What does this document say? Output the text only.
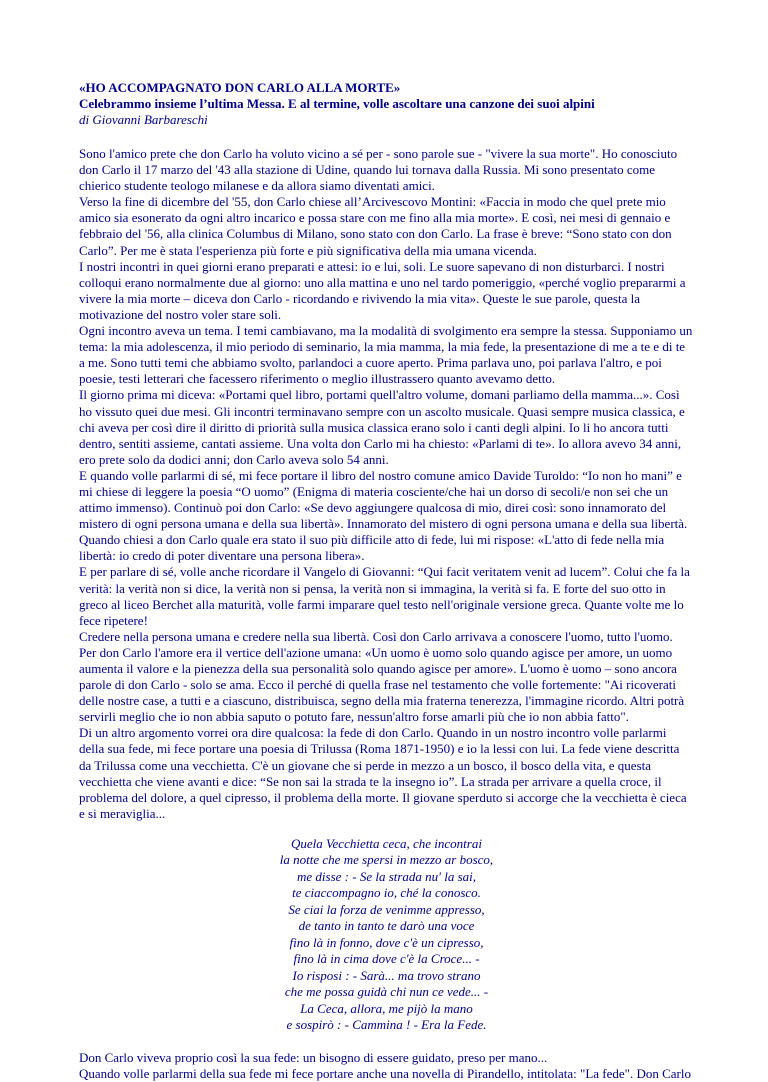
«HO ACCOMPAGNATO DON CARLO ALLA MORTE»

Celebrammo insieme l’ultima Messa. E al termine, volle ascoltare una canzone dei suoi alpini

di Giovanni Barbareschi

Sono l'amico prete che don Carlo ha voluto vicino a sé per - sono parole sue - "vivere la sua morte". Ho conosciuto don Carlo il 17 marzo del '43 alla stazione di Udine, quando lui tornava dalla Russia. Mi sono presentato come chierico studente teologo milanese e da allora siamo diventati amici.

Verso la fine di dicembre del '55, don Carlo chiese all’Arcivescovo Montini: «Faccia in modo che quel prete mio amico sia esonerato da ogni altro incarico e possa stare con me fino alla mia morte». E così, nei mesi di gennaio e febbraio del '56, alla clinica Columbus di Milano, sono stato con don Carlo. La frase è breve: “Sono stato con don Carlo”. Per me è stata l'esperienza più forte e più significativa della mia umana vicenda.

I nostri incontri in quei giorni erano preparati e attesi: io e lui, soli. Le suore sapevano di non disturbarci. I nostri colloqui erano normalmente due al giorno: uno alla mattina e uno nel tardo pomeriggio, «perché voglio prepararmi a vivere la mia morte – diceva don Carlo - ricordando e rivivendo la mia vita». Queste le sue parole, questa la motivazione del nostro voler stare soli.

Ogni incontro aveva un tema. I temi cambiavano, ma la modalità di svolgimento era sempre la stessa. Supponiamo un tema: la mia adolescenza, il mio periodo di seminario, la mia mamma, la mia fede, la presentazione di me a te e di te a me. Sono tutti temi che abbiamo svolto, parlandoci a cuore aperto. Prima parlava uno, poi parlava l'altro, e poi poesie, testi letterari che facessero riferimento o meglio illustrassero quanto avevamo detto.

Il giorno prima mi diceva: «Portami quel libro, portami quell'altro volume, domani parliamo della mamma...». Così ho vissuto quei due mesi. Gli incontri terminavano sempre con un ascolto musicale. Quasi sempre musica classica, e chi aveva per così dire il diritto di priorità sulla musica classica erano solo i canti degli alpini. Io li ho ancora tutti dentro, sentiti assieme, cantati assieme. Una volta don Carlo mi ha chiesto: «Parlami di te». Io allora avevo 34 anni, ero prete solo da dodici anni; don Carlo aveva solo 54 anni.

E quando volle parlarmi di sé, mi fece portare il libro del nostro comune amico Davide Turoldo: “Io non ho mani” e mi chiese di leggere la poesia “O uomo” (Enigma di materia cosciente/che hai un dorso di secoli/e non sei che un attimo immenso). Continuò poi don Carlo: «Se devo aggiungere qualcosa di mio, direi così: sono innamorato del mistero di ogni persona umana e della sua libertà». Innamorato del mistero di ogni persona umana e della sua libertà. Quando chiesi a don Carlo quale era stato il suo più difficile atto di fede, lui mi rispose: «L'atto di fede nella mia libertà: io credo di poter diventare una persona libera».

E per parlare di sé, volle anche ricordare il Vangelo di Giovanni: “Qui facit veritatem venit ad lucem”. Colui che fa la verità: la verità non si dice, la verità non si pensa, la verità non si immagina, la verità si fa. E forte del suo otto in greco al liceo Berchet alla maturità, volle farmi imparare quel testo nell'originale versione greca. Quante volte me lo fece ripetere!

Credere nella persona umana e credere nella sua libertà. Così don Carlo arrivava a conoscere l'uomo, tutto l'uomo.

Per don Carlo l'amore era il vertice dell'azione umana: «Un uomo è uomo solo quando agisce per amore, un uomo aumenta il valore e la pienezza della sua personalità solo quando agisce per amore». L'uomo è uomo – sono ancora parole di don Carlo - solo se ama. Ecco il perché di quella frase nel testamento che volle fortemente: "Ai ricoverati delle nostre case, a tutti e a ciascuno, distribuisca, segno della mia fraterna tenerezza, l'immagine ricordo. Altri potrà servirli meglio che io non abbia saputo o potuto fare, nessun'altro forse amarli più che io non abbia fatto".

Di un altro argomento vorrei ora dire qualcosa: la fede di don Carlo. Quando in un nostro incontro volle parlarmi della sua fede, mi fece portare una poesia di Trilussa (Roma 1871-1950) e io la lessi con lui. La fede viene descritta da Trilussa come una vecchietta. C'è un giovane che si perde in mezzo a un bosco, il bosco della vita, e questa vecchietta che viene avanti e dice: “Se non sai la strada te la insegno io”. La strada per arrivare a quella croce, il problema del dolore, a quel cipresso, il problema della morte. Il giovane sperduto si accorge che la vecchietta è cieca e si meraviglia...

Quela Vecchietta ceca, che incontrai
la notte che me spersi in mezzo ar bosco,
me disse : - Se la strada nu' la sai,
te ciaccompagno io, ché la conosco.
Se ciai la forza de venimme appresso,
de tanto in tanto te darò una voce
fino là in fonno, dove c'è un cipresso,
fino là in cima dove c'è la Croce... -
Io risposi : - Sarà... ma trovo strano
che me possa guidà chi nun ce vede... -
La Ceca, allora, me pijò la mano
e sospirò : - Cammina ! - Era la Fede.

Don Carlo viveva proprio così la sua fede: un bisogno di essere guidato, preso per mano...

Quando volle parlarmi della sua fede mi fece portare anche una novella di Pirandello, intitolata: "La fede". Don Carlo
